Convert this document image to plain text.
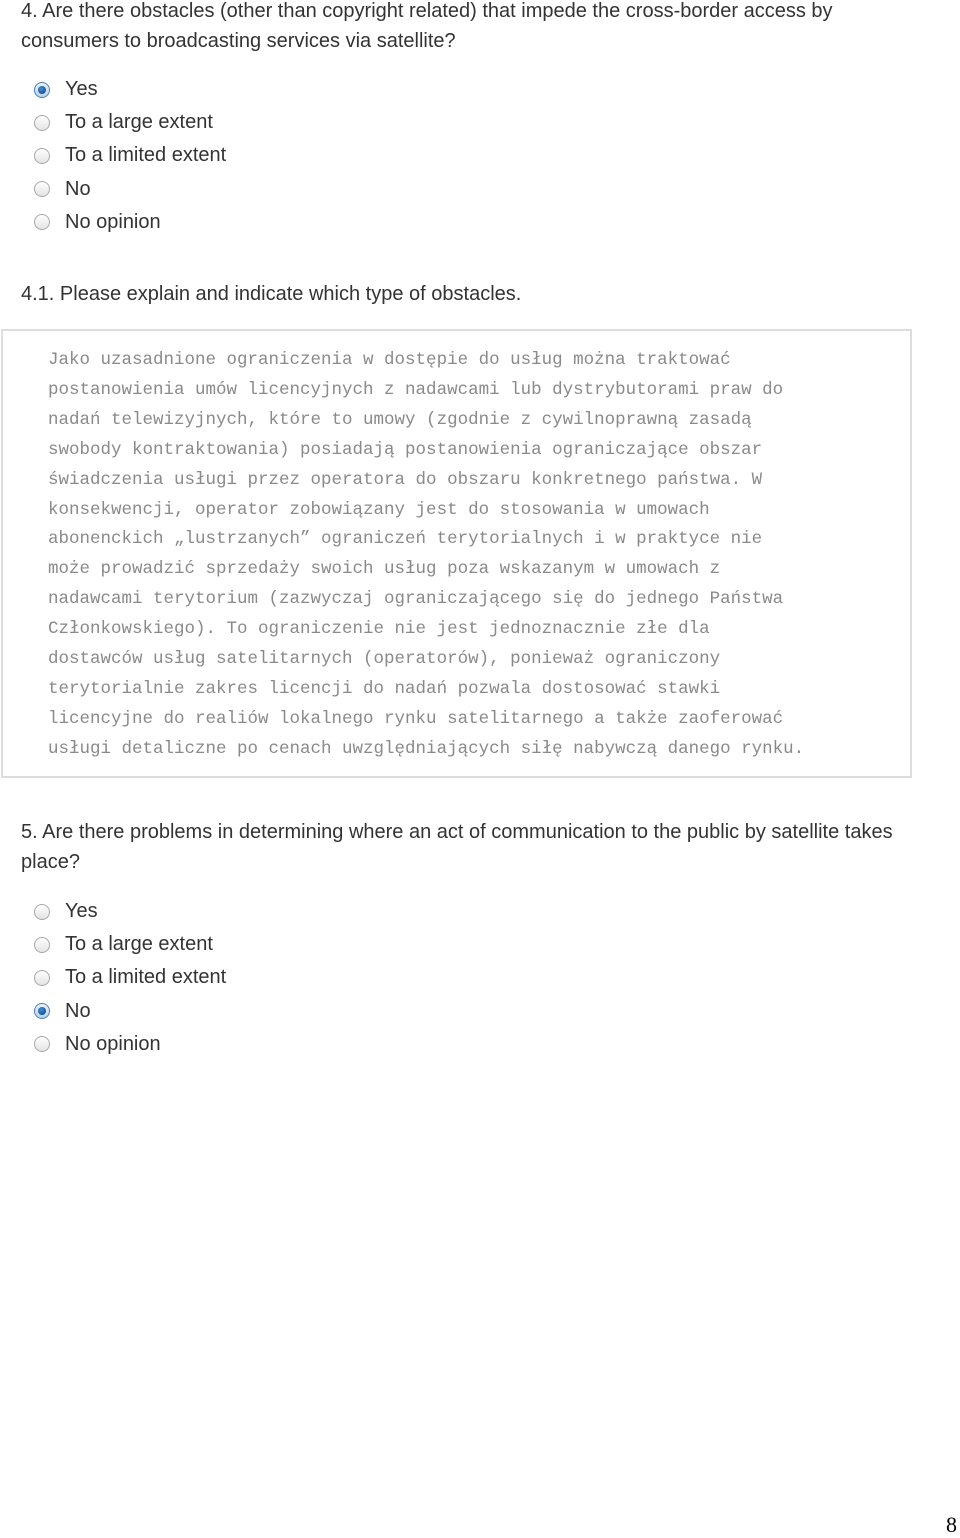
4. Are there obstacles (other than copyright related) that impede the cross-border access by consumers to broadcasting services via satellite?
Yes
To a large extent
To a limited extent
No
No opinion
4.1. Please explain and indicate which type of obstacles.

Jako uzasadnione ograniczenia w dostępie do usług można traktować
postanowienia umów licencyjnych z nadawcami lub dystrybutorami praw do
nadań telewizyjnych, które to umowy (zgodnie z cywilnoprawną zasadą
swobody kontraktowania) posiadają postanowienia ograniczające obszar
świadczenia usługi przez operatora do obszaru konkretnego państwa. W
konsekwencji, operator zobowiązany jest do stosowania w umowach
abonenckich „lustrzanych” ograniczeń terytorialnych i w praktyce nie
może prowadzić sprzedaży swoich usług poza wskazanym w umowach z
nadawcami terytorium (zazwyczaj ograniczającego się do jednego Państwa
Członkowskiego). To ograniczenie nie jest jednoznacznie złe dla
dostawców usług satelitarnych (operatorów), ponieważ ograniczony
terytorialnie zakres licencji do nadań pozwala dostosować stawki
licencyjne do realiów lokalnego rynku satelitarnego a także zaoferować
usługi detaliczne po cenach uwzględniających siłę nabywczą danego rynku.

5. Are there problems in determining where an act of communication to the public by satellite takes place?
Yes
To a large extent
To a limited extent
No
No opinion
8
